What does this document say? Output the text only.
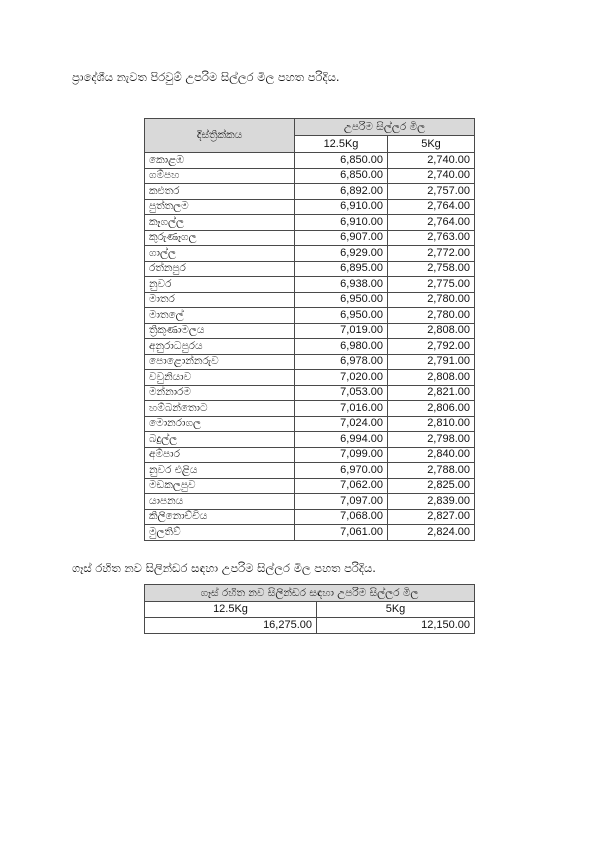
ප්‍රාදේශීය නැවත පිරවුම් උපරිම සිල්ලර මිල පහත පරිදිය.
දිස්ත්‍රික්කය	උපරිම සිල්ලර මිල	
	12.5Kg	5Kg
කොළඹ	6,850.00	2,740.00
ගම්පහ	6,850.00	2,740.00
කළුතර	6,892.00	2,757.00
පුත්තලම	6,910.00	2,764.00
කෑගල්ල	6,910.00	2,764.00
කුරුණෑගල	6,907.00	2,763.00
ගාල්ල	6,929.00	2,772.00
රත්නපුර	6,895.00	2,758.00
නුවර	6,938.00	2,775.00
මාතර	6,950.00	2,780.00
මාතලේ	6,950.00	2,780.00
ත්‍රිකුණාමලය	7,019.00	2,808.00
අනුරාධපුරය	6,980.00	2,792.00
පොළොන්නරුව	6,978.00	2,791.00
වවුනියාව	7,020.00	2,808.00
මන්නාරම	7,053.00	2,821.00
හම්බන්තොට	7,016.00	2,806.00
මොනරාගල	7,024.00	2,810.00
බදුල්ල	6,994.00	2,798.00
අම්පාර	7,099.00	2,840.00
නුවර එළිය	6,970.00	2,788.00
මඩකලපුව	7,062.00	2,825.00
යාපනය	7,097.00	2,839.00
කිලිනොච්චිය	7,068.00	2,827.00
මුලතිව්	7,061.00	2,824.00
ගෑස් රහිත නව සිලින්ඩර සඳහා උපරිම සිල්ලර මිල පහත පරිදිය.
ගෑස් රහිත නව සිලින්ඩර සඳහා උපරිම සිල්ලර මිල	
12.5Kg	5Kg
16,275.00	12,150.00
